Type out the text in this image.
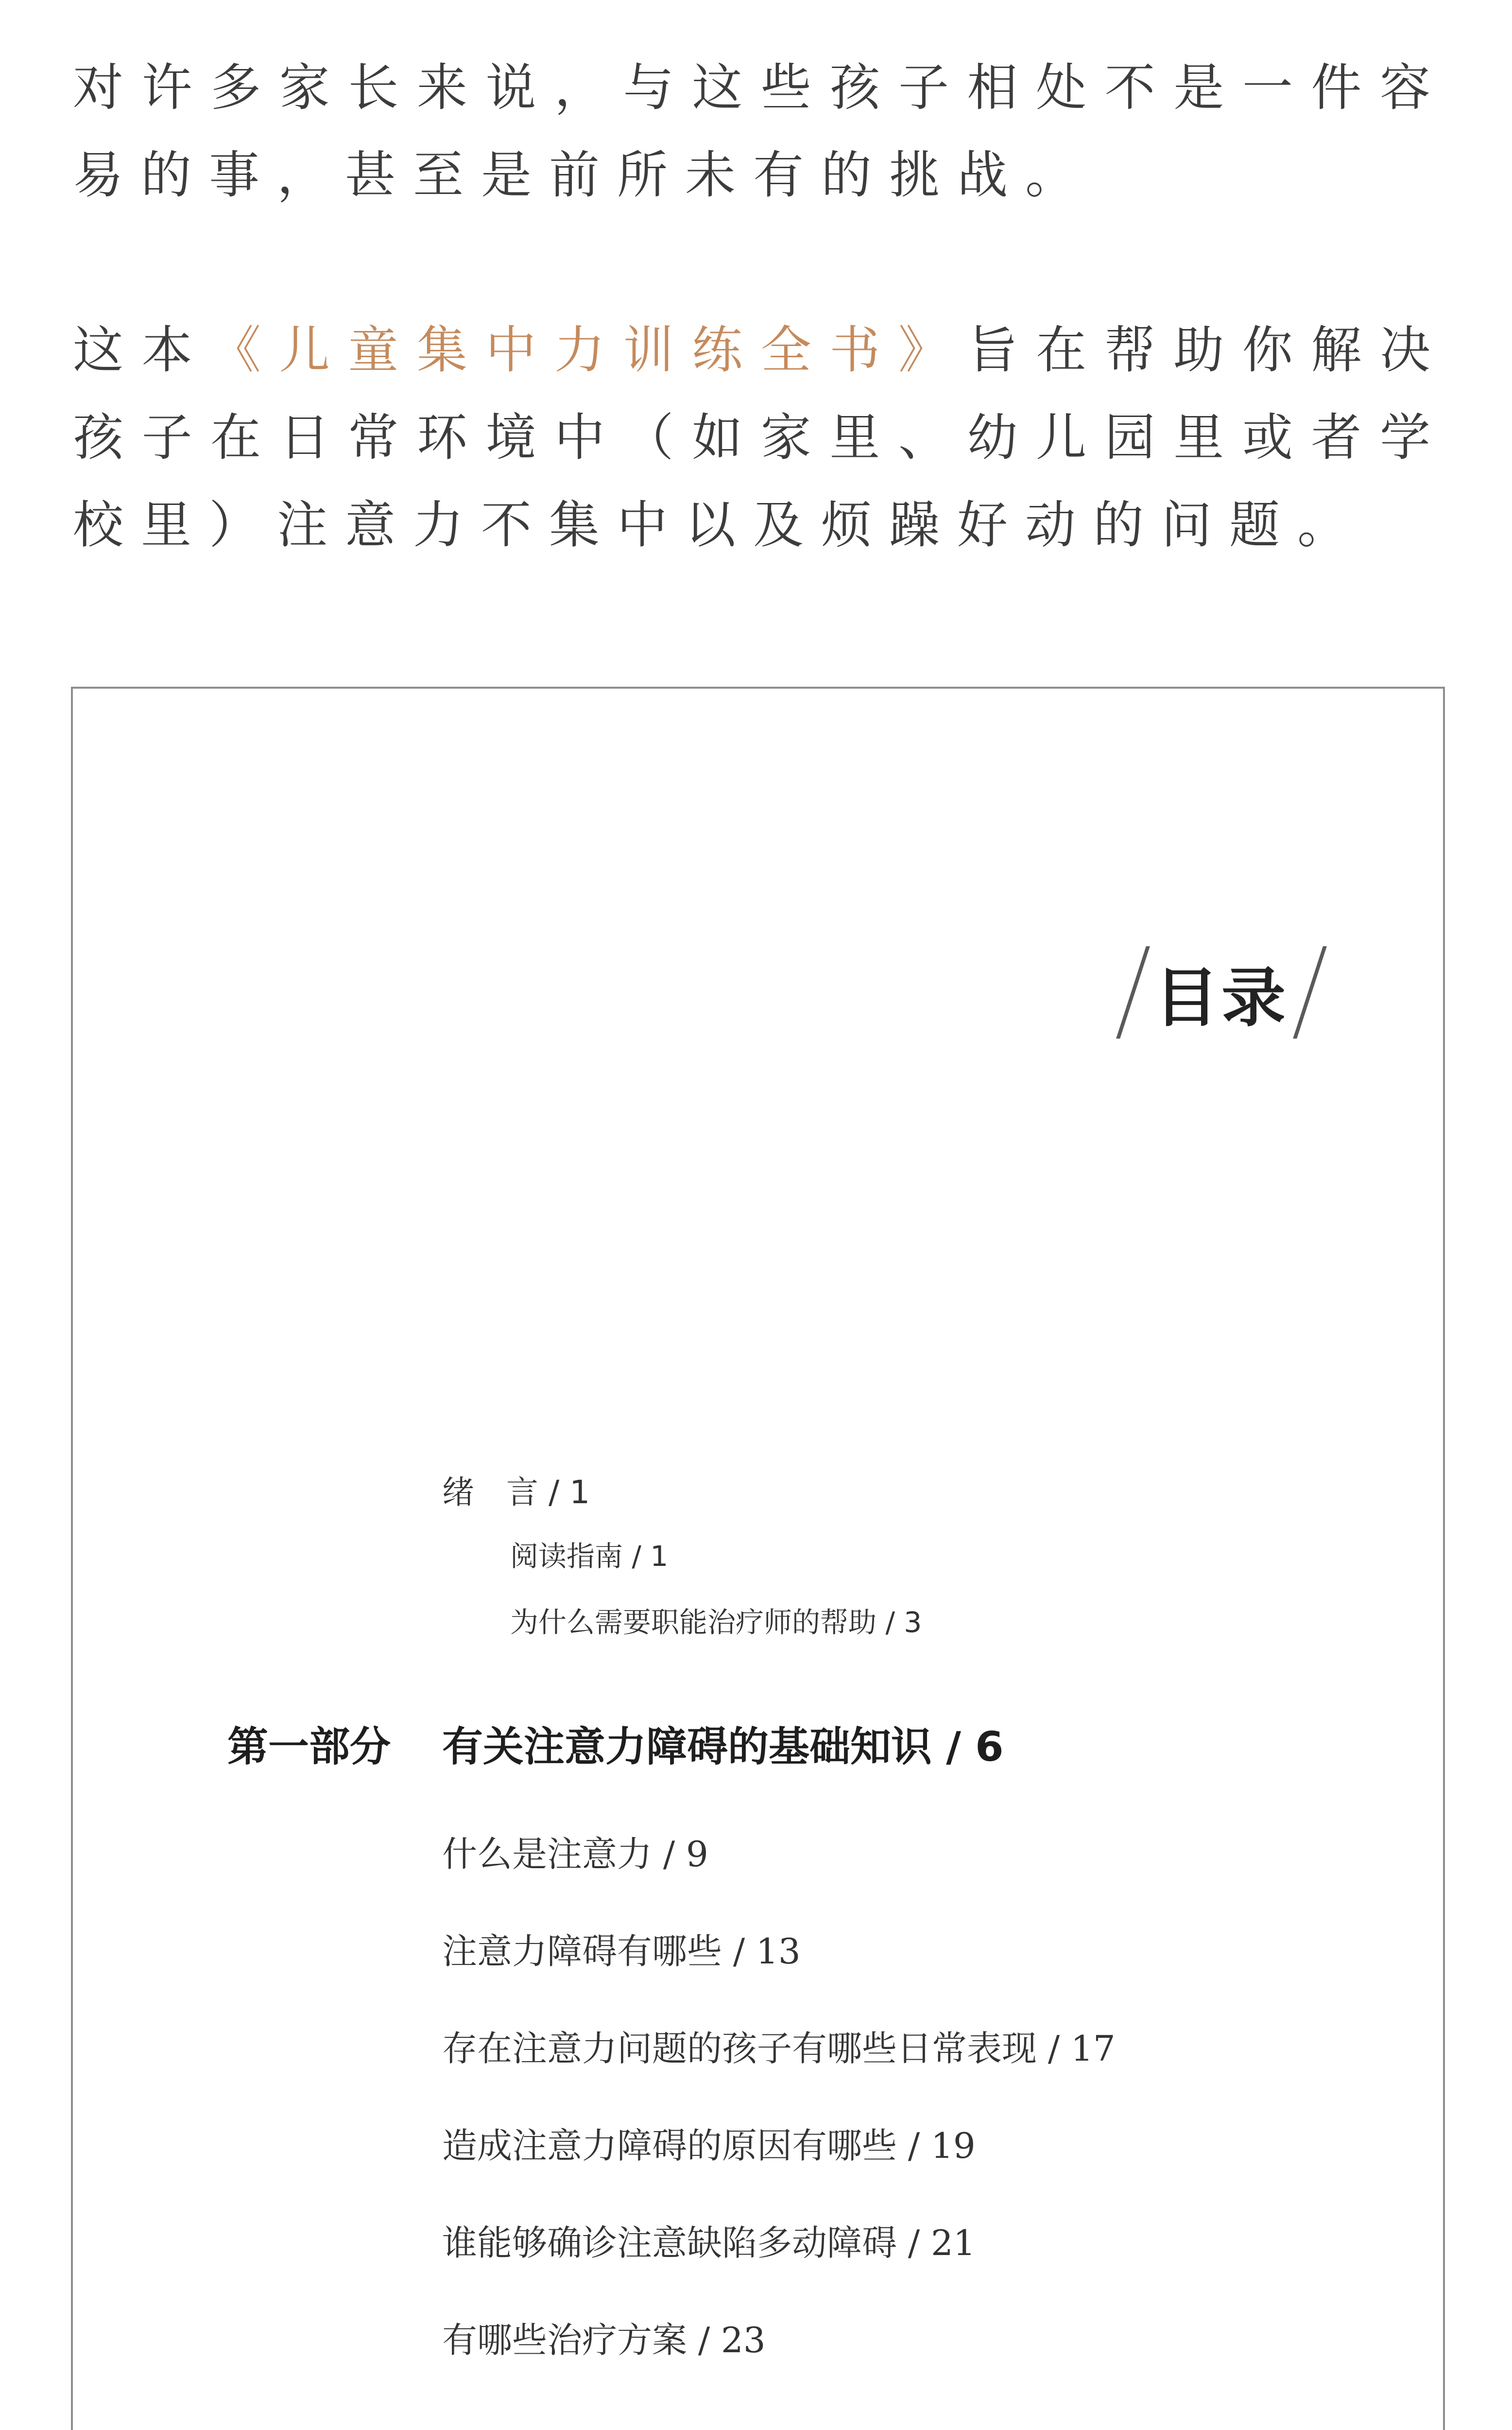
对许多家长来说，与这些孩子相处不是一件容易的事，甚至是前所未有的挑战。

这本《儿童集中力训练全书》旨在帮助你解决孩子在日常环境中（如家里、幼儿园里或者学校里）注意力不集中以及烦躁好动的问题。

目录
绪　言 / 1
阅读指南 / 1
为什么需要职能治疗师的帮助 / 3
第一部分 有关注意力障碍的基础知识 / 6
什么是注意力 / 9
注意力障碍有哪些 / 13
存在注意力问题的孩子有哪些日常表现 / 17
造成注意力障碍的原因有哪些 / 19
谁能够确诊注意缺陷多动障碍 / 21
有哪些治疗方案 / 23
